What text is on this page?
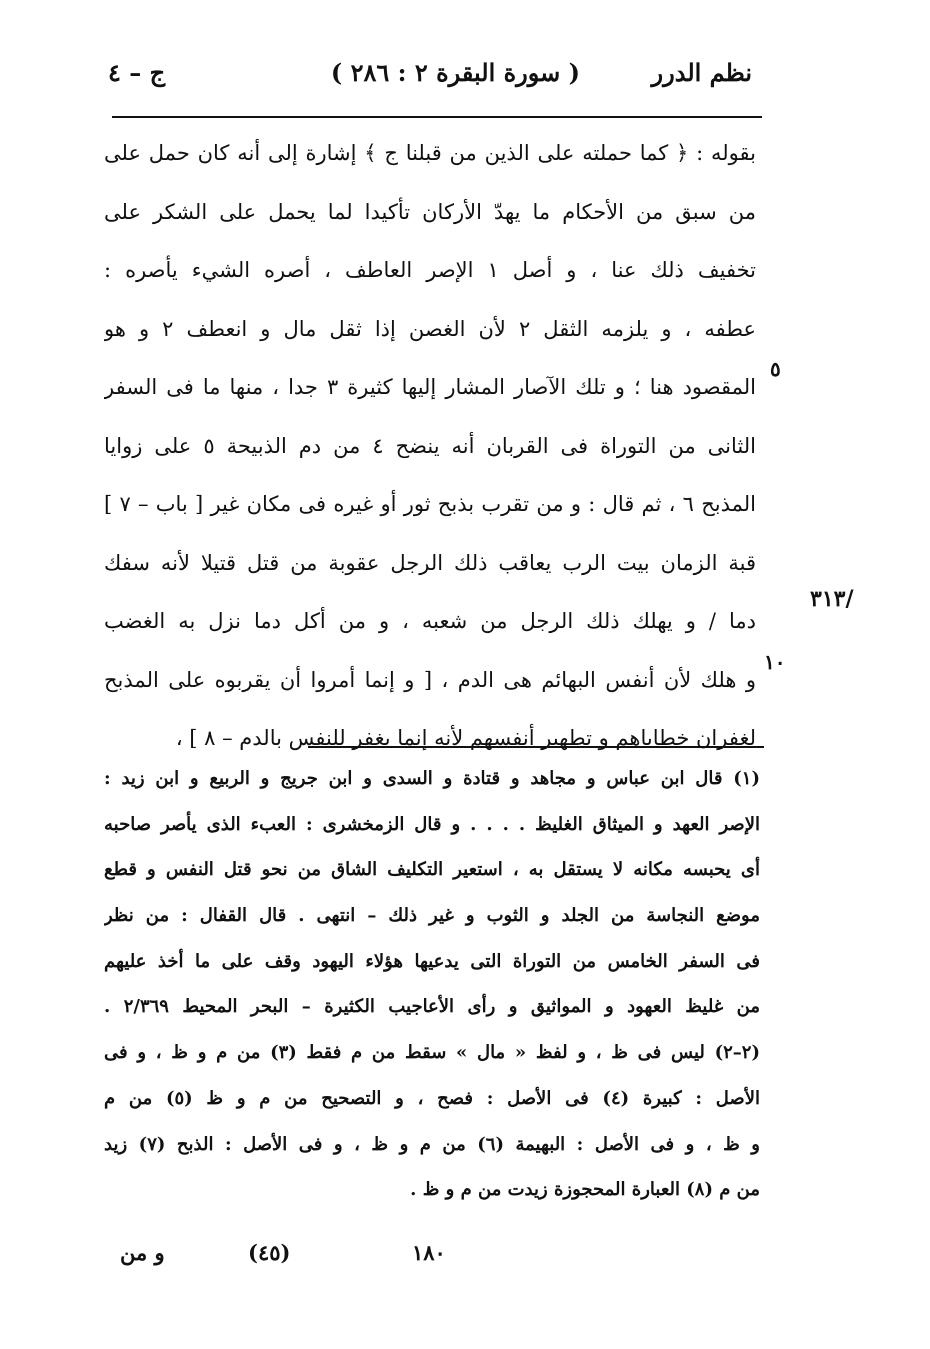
نظم الدرر
( سورة البقرة ٢ : ٢٨٦ )
ج – ٤
بقوله : ﴿ كما حملته على الذين من قبلنا ج ﴾ إشارة إلى أنه كان حمل على
من سبق من الأحكام ما يهدّ الأركان تأكيدا لما يحمل على الشكر على
تخفيف ذلك عنا ، و أصل ١ الإصر العاطف ، أصره الشيء يأصره :
عطفه ، و يلزمه الثقل ٢ لأن الغصن إذا ثقل مال و انعطف ٢ و هو
المقصود هنا ؛ و تلك الآصار المشار إليها كثيرة ٣ جدا ، منها ما فى السفر
الثانى من التوراة فى القربان أنه ينضح ٤ من دم الذبيحة ٥ على زوايا
المذبح ٦ ، ثم قال : و من تقرب بذبح ثور أو غيره فى مكان غير [ باب – ٧ ]
قبة الزمان بيت الرب يعاقب ذلك الرجل عقوبة من قتل قتيلا لأنه سفك
دما / و يهلك ذلك الرجل من شعبه ، و من أكل دما نزل به الغضب
و هلك لأن أنفس البهائم هى الدم ، [ و إنما أمروا أن يقربوه على المذبح
لغفران خطاياهم و تطهير أنفسهم لأنه إنما يغفر للنفس بالدم – ٨ ] ،
٥
١٠
/٣١٣
(١) قال ابن عباس و مجاهد و قتادة و السدى و ابن جريج و الربيع و ابن زيد :
الإصر العهد و الميثاق الغليظ . . . . و قال الزمخشرى : العبء الذى يأصر صاحبه
أى يحبسه مكانه لا يستقل به ، استعير التكليف الشاق من نحو قتل النفس و قطع
موضع النجاسة من الجلد و الثوب و غير ذلك – انتهى . قال القفال : من نظر
فى السفر الخامس من التوراة التى يدعيها هؤلاء اليهود وقف على ما أخذ عليهم
من غليظ العهود و المواثيق و رأى الأعاجيب الكثيرة – البحر المحيط ٢/٣٦٩ .
(٢–٢) ليس فى ظ ، و لفظ « مال » سقط من م فقط (٣) من م و ظ ، و فى
الأصل : كبيرة (٤) فى الأصل : فصح ، و التصحيح من م و ظ (٥) من م
و ظ ، و فى الأصل : البهيمة (٦) من م و ظ ، و فى الأصل : الذبح (٧) زيد
من م (٨) العبارة المحجوزة زيدت من م و ظ .
١٨٠
(٤٥)
و من
